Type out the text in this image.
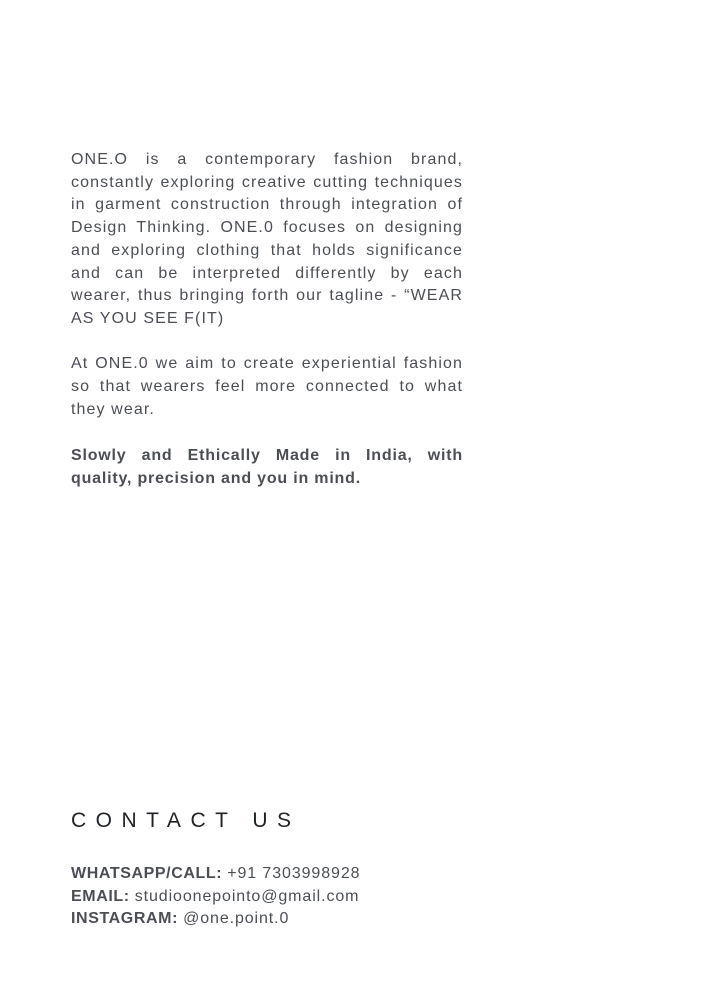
ONE.O is a contemporary fashion brand, constantly exploring creative cutting techniques in garment construction through integration of Design Thinking. ONE.0 focuses on designing and exploring clothing that holds significance and can be interpreted differently by each wearer, thus bringing forth our tagline - “WEAR AS YOU SEE F(IT)

At ONE.0 we aim to create experiential fashion so that wearers feel more connected to what they wear.

Slowly and Ethically Made in India, with quality, precision and you in mind.

CONTACT US
WHATSAPP/CALL: +91 7303998928
EMAIL: studioonepointo@gmail.com
INSTAGRAM: @one.point.0
